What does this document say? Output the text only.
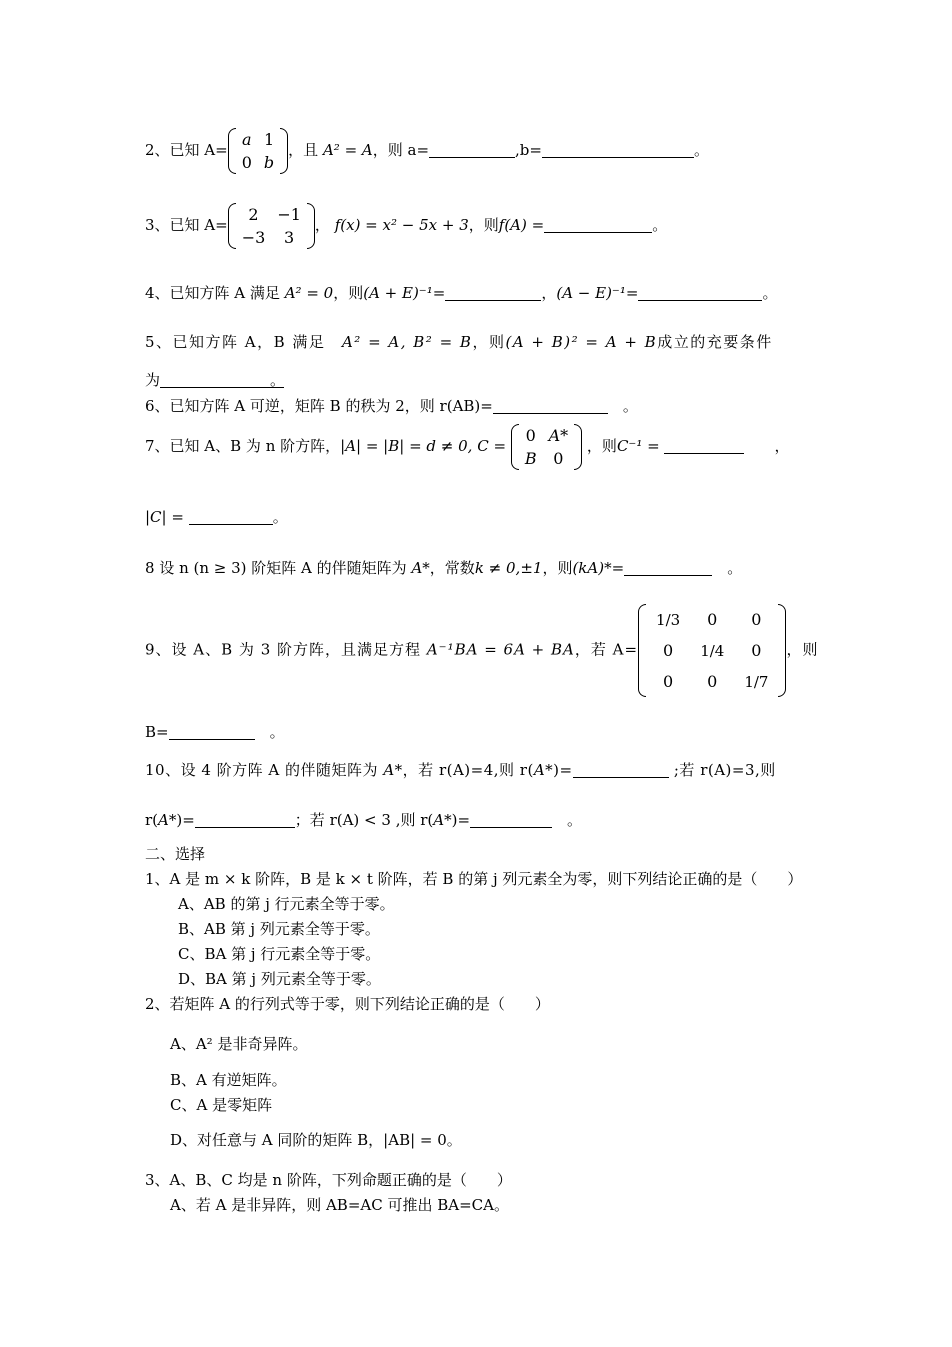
2、已知 A=
a	1
0	b
，且 A² = A，则 a=	,b=	。
3、已知 A=
2	−1
−3	3
， f(x) = x² − 5x + 3，则f(A) =	。
4、已知方阵 A 满足 A² = 0，则(A + E)⁻¹=	，(A − E)⁻¹=	。
5、已知方阵 A，B 满足　 A² = A, B² = B，则(A + B)² = A + B成立的充要条件
为	。
6、已知方阵 A 可逆，矩阵 B 的秩为 2，则 r(AB)=　	。
7、已知 A、B 为 n 阶方阵，|A| = |B| = d ≠ 0, C =
0	A*
B	0
，则C⁻¹ = 　　	，
|C| =	。
8 设 n (n ≥ 3) 阶矩阵 A 的伴随矩阵为 A*，常数k ≠ 0,±1，则(kA)*=　	。
9、设 A、B 为 3 阶方阵，且满足方程 A⁻¹BA = 6A + BA，若 A=
1/3	0	0
0	1/4	0
0	0	1/7
，则
B=　	。
10、设 4 阶方阵 A 的伴随矩阵为 A*，若 r(A)=4,则 r(A*)=	;若 r(A)=3,则
r(A*)=	；若 r(A) < 3 ,则 r(A*)=　	。
二、选择
1、A 是 m × k 阶阵，B 是 k × t 阶阵，若 B 的第 j 列元素全为零，则下列结论正确的是（　　）
A、AB 的第 j 行元素全等于零。
B、AB 第 j 列元素全等于零。
C、BA 第 j 行元素全等于零。
D、BA 第 j 列元素全等于零。
2、若矩阵 A 的行列式等于零，则下列结论正确的是（　　）
A、A² 是非奇异阵。
B、A 有逆矩阵。
C、A 是零矩阵
D、对任意与 A 同阶的矩阵 B，|AB| = 0。
3、A、B、C 均是 n 阶阵，下列命题正确的是（　　）
A、若 A 是非异阵，则 AB=AC 可推出 BA=CA。
